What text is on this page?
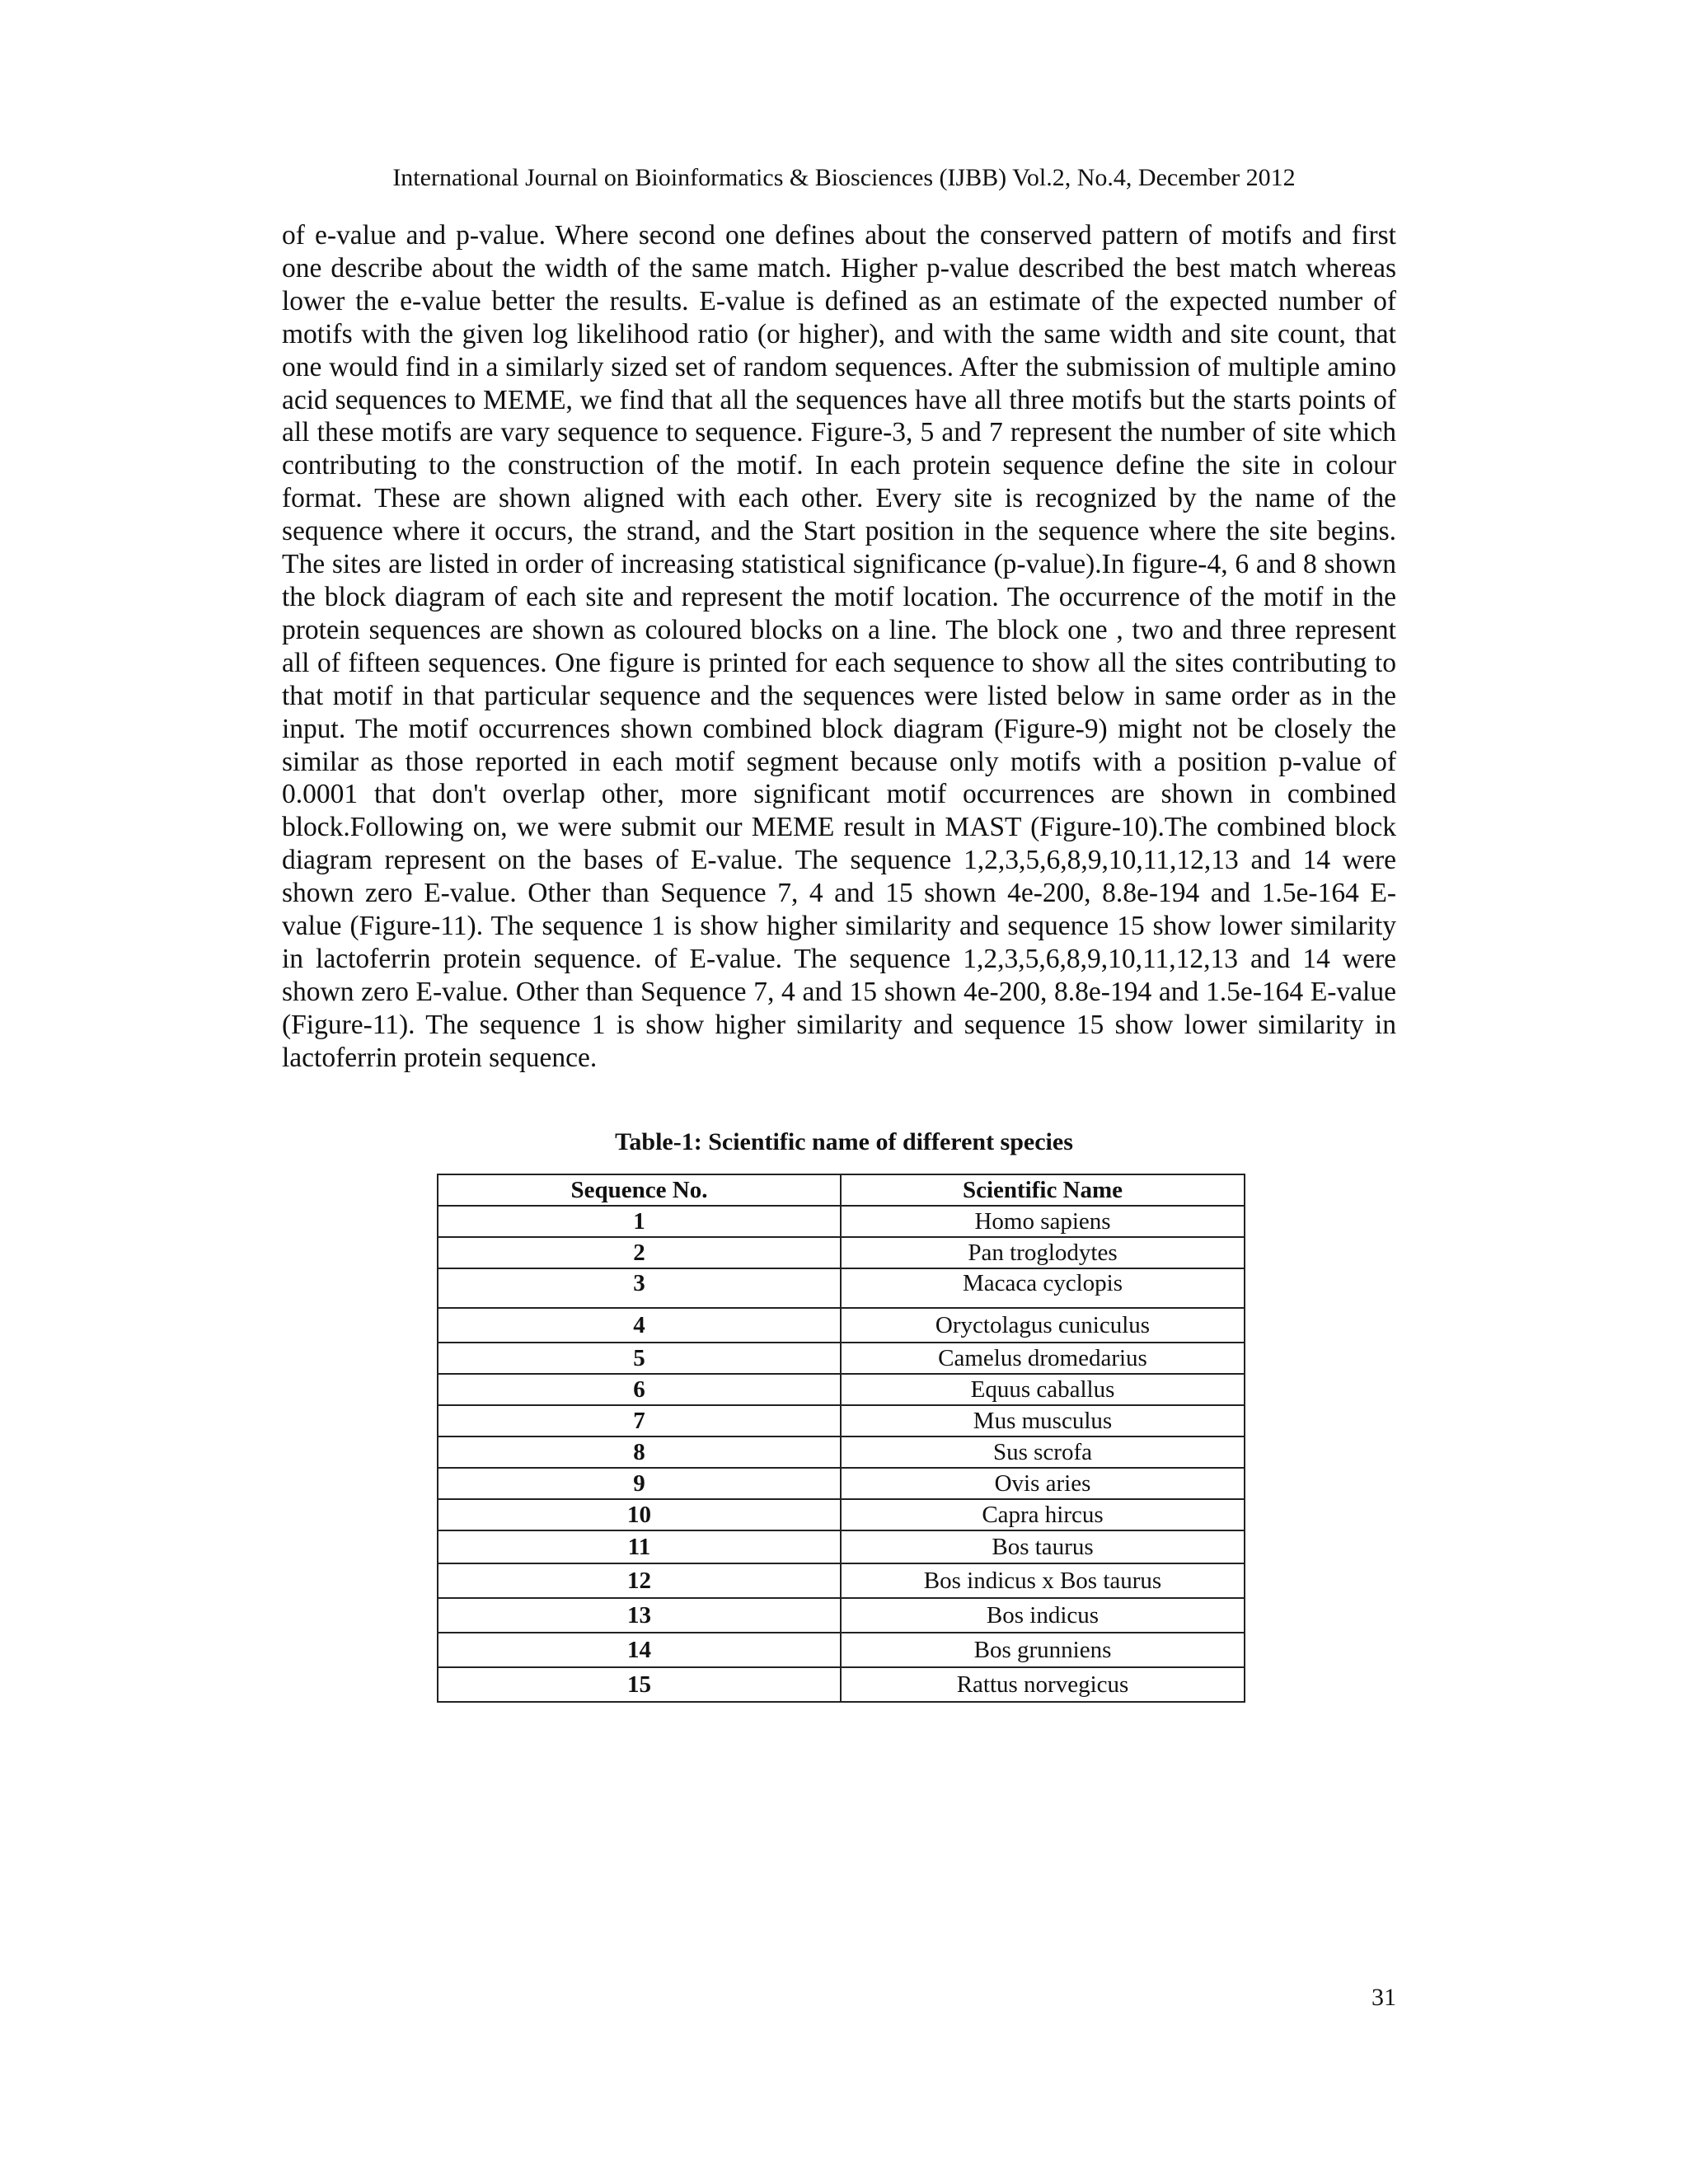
International Journal on Bioinformatics & Biosciences (IJBB) Vol.2, No.4, December 2012

of e-value and p-value. Where second one defines about the conserved pattern of motifs and first one describe about the width of the same match. Higher p-value described the best match whereas lower the e-value better the results. E-value is defined as an estimate of the expected number of motifs with the given log likelihood ratio (or higher), and with the same width and site count, that one would find in a similarly sized set of random sequences. After the submission of multiple amino acid sequences to MEME, we find that all the sequences have all three motifs but the starts points of all these motifs are vary sequence to sequence. Figure-3, 5 and 7 represent the number of site which contributing to the construction of the motif. In each protein sequence define the site in colour format. These are shown aligned with each other. Every site is recognized by the name of the sequence where it occurs, the strand, and the Start position in the sequence where the site begins. The sites are listed in order of increasing statistical significance (p-value).In figure-4, 6 and 8 shown the block diagram of each site and represent the motif location. The occurrence of the motif in the protein sequences are shown as coloured blocks on a line. The block one , two and three represent all of fifteen sequences. One figure is printed for each sequence to show all the sites contributing to that motif in that particular sequence and the sequences were listed below in same order as in the input. The motif occurrences shown combined block diagram (Figure-9) might not be closely the similar as those reported in each motif segment because only motifs with a position p-value of 0.0001 that don't overlap other, more significant motif occurrences are shown in combined block.Following on, we were submit our MEME result in MAST (Figure-10).The combined block diagram represent on the bases of E-value. The sequence 1,2,3,5,6,8,9,10,11,12,13 and 14 were shown zero E-value. Other than Sequence 7, 4 and 15 shown 4e-200, 8.8e-194 and 1.5e-164 E- value (Figure-11). The sequence 1 is show higher similarity and sequence 15 show lower similarity in lactoferrin protein sequence. of E-value. The sequence 1,2,3,5,6,8,9,10,11,12,13 and 14 were shown zero E-value. Other than Sequence 7, 4 and 15 shown 4e-200, 8.8e-194 and 1.5e-164 E-value (Figure-11). The sequence 1 is show higher similarity and sequence 15 show lower similarity in lactoferrin protein sequence.

Table-1: Scientific name of different species
Sequence No.	Scientific Name
1	Homo sapiens
2	Pan troglodytes
3	Macaca cyclopis
4	Oryctolagus cuniculus
5	Camelus dromedarius
6	Equus caballus
7	Mus musculus
8	Sus scrofa
9	Ovis aries
10	Capra hircus
11	Bos taurus
12	Bos indicus x Bos taurus
13	Bos indicus
14	Bos grunniens
15	Rattus norvegicus
31
